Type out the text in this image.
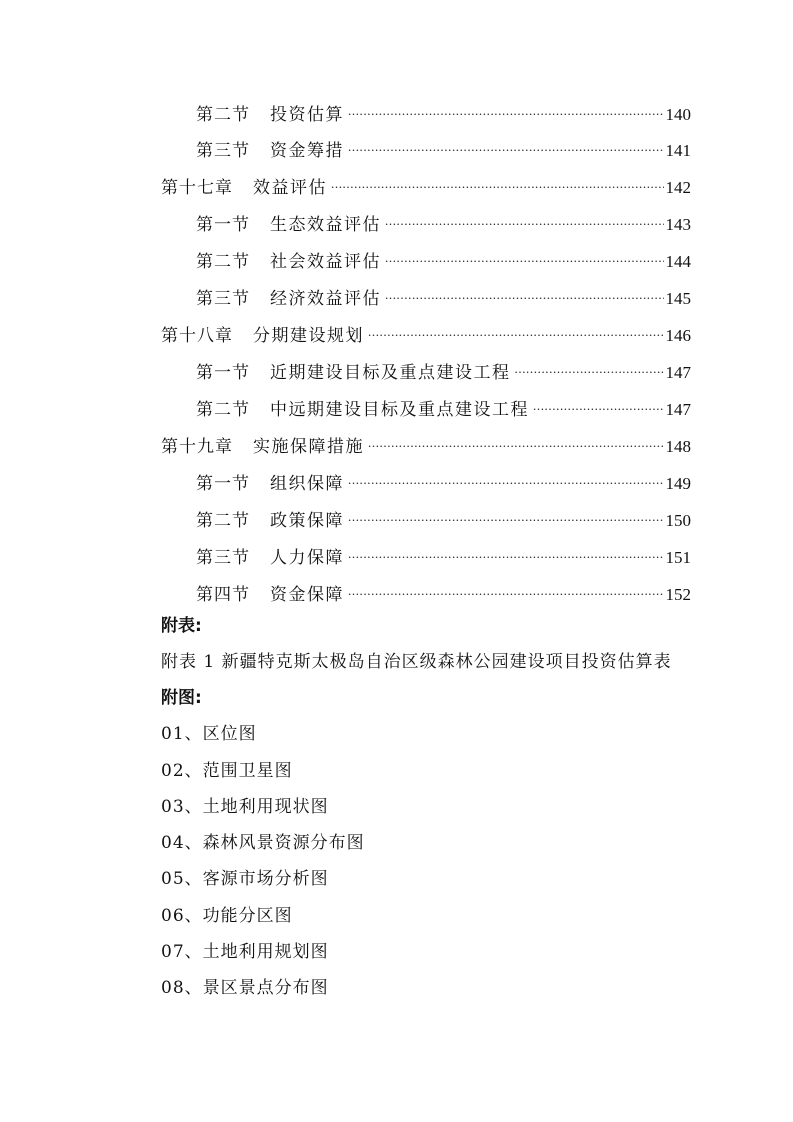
第二节 投资估算 .....	140
第三节 资金筹措 .....	141
第十七章 效益评估 .....	142
第一节 生态效益评估 .....	143
第二节 社会效益评估 .....	144
第三节 经济效益评估 .....	145
第十八章 分期建设规划 .....	146
第一节 近期建设目标及重点建设工程 .....	147
第二节 中远期建设目标及重点建设工程 .....	147
第十九章 实施保障措施 .....	148
第一节 组织保障 .....	149
第二节 政策保障 .....	150
第三节 人力保障 .....	151
第四节 资金保障 .....	152
附表:
附表 1 新疆特克斯太极岛自治区级森林公园建设项目投资估算表
附图:
01、区位图
02、范围卫星图
03、土地利用现状图
04、森林风景资源分布图
05、客源市场分析图
06、功能分区图
07、土地利用规划图
08、景区景点分布图
